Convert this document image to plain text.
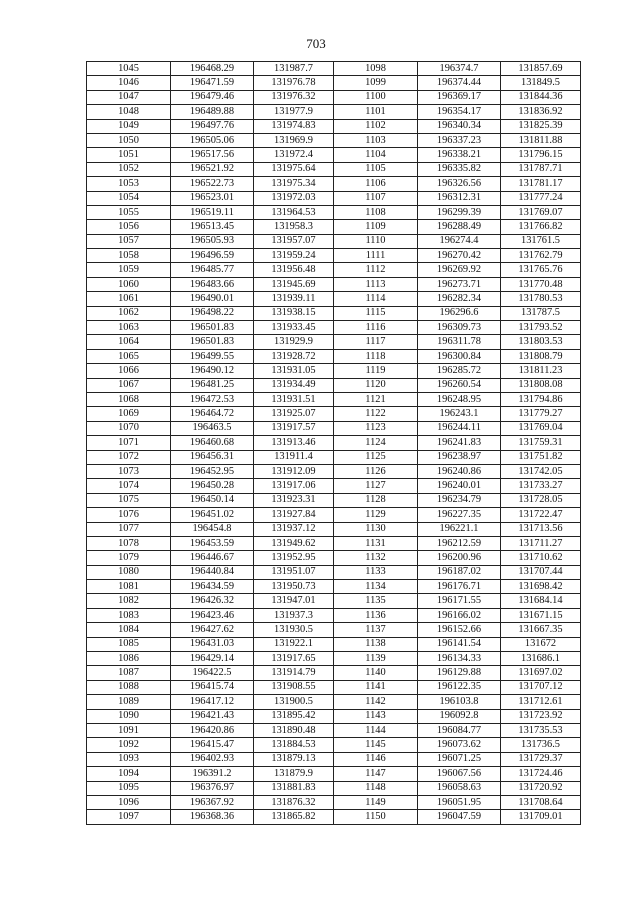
703
1045	196468.29	131987.7	1098	196374.7	131857.69
1046	196471.59	131976.78	1099	196374.44	131849.5
1047	196479.46	131976.32	1100	196369.17	131844.36
1048	196489.88	131977.9	1101	196354.17	131836.92
1049	196497.76	131974.83	1102	196340.34	131825.39
1050	196505.06	131969.9	1103	196337.23	131811.88
1051	196517.56	131972.4	1104	196338.21	131796.15
1052	196521.92	131975.64	1105	196335.82	131787.71
1053	196522.73	131975.34	1106	196326.56	131781.17
1054	196523.01	131972.03	1107	196312.31	131777.24
1055	196519.11	131964.53	1108	196299.39	131769.07
1056	196513.45	131958.3	1109	196288.49	131766.82
1057	196505.93	131957.07	1110	196274.4	131761.5
1058	196496.59	131959.24	1111	196270.42	131762.79
1059	196485.77	131956.48	1112	196269.92	131765.76
1060	196483.66	131945.69	1113	196273.71	131770.48
1061	196490.01	131939.11	1114	196282.34	131780.53
1062	196498.22	131938.15	1115	196296.6	131787.5
1063	196501.83	131933.45	1116	196309.73	131793.52
1064	196501.83	131929.9	1117	196311.78	131803.53
1065	196499.55	131928.72	1118	196300.84	131808.79
1066	196490.12	131931.05	1119	196285.72	131811.23
1067	196481.25	131934.49	1120	196260.54	131808.08
1068	196472.53	131931.51	1121	196248.95	131794.86
1069	196464.72	131925.07	1122	196243.1	131779.27
1070	196463.5	131917.57	1123	196244.11	131769.04
1071	196460.68	131913.46	1124	196241.83	131759.31
1072	196456.31	131911.4	1125	196238.97	131751.82
1073	196452.95	131912.09	1126	196240.86	131742.05
1074	196450.28	131917.06	1127	196240.01	131733.27
1075	196450.14	131923.31	1128	196234.79	131728.05
1076	196451.02	131927.84	1129	196227.35	131722.47
1077	196454.8	131937.12	1130	196221.1	131713.56
1078	196453.59	131949.62	1131	196212.59	131711.27
1079	196446.67	131952.95	1132	196200.96	131710.62
1080	196440.84	131951.07	1133	196187.02	131707.44
1081	196434.59	131950.73	1134	196176.71	131698.42
1082	196426.32	131947.01	1135	196171.55	131684.14
1083	196423.46	131937.3	1136	196166.02	131671.15
1084	196427.62	131930.5	1137	196152.66	131667.35
1085	196431.03	131922.1	1138	196141.54	131672
1086	196429.14	131917.65	1139	196134.33	131686.1
1087	196422.5	131914.79	1140	196129.88	131697.02
1088	196415.74	131908.55	1141	196122.35	131707.12
1089	196417.12	131900.5	1142	196103.8	131712.61
1090	196421.43	131895.42	1143	196092.8	131723.92
1091	196420.86	131890.48	1144	196084.77	131735.53
1092	196415.47	131884.53	1145	196073.62	131736.5
1093	196402.93	131879.13	1146	196071.25	131729.37
1094	196391.2	131879.9	1147	196067.56	131724.46
1095	196376.97	131881.83	1148	196058.63	131720.92
1096	196367.92	131876.32	1149	196051.95	131708.64
1097	196368.36	131865.82	1150	196047.59	131709.01
